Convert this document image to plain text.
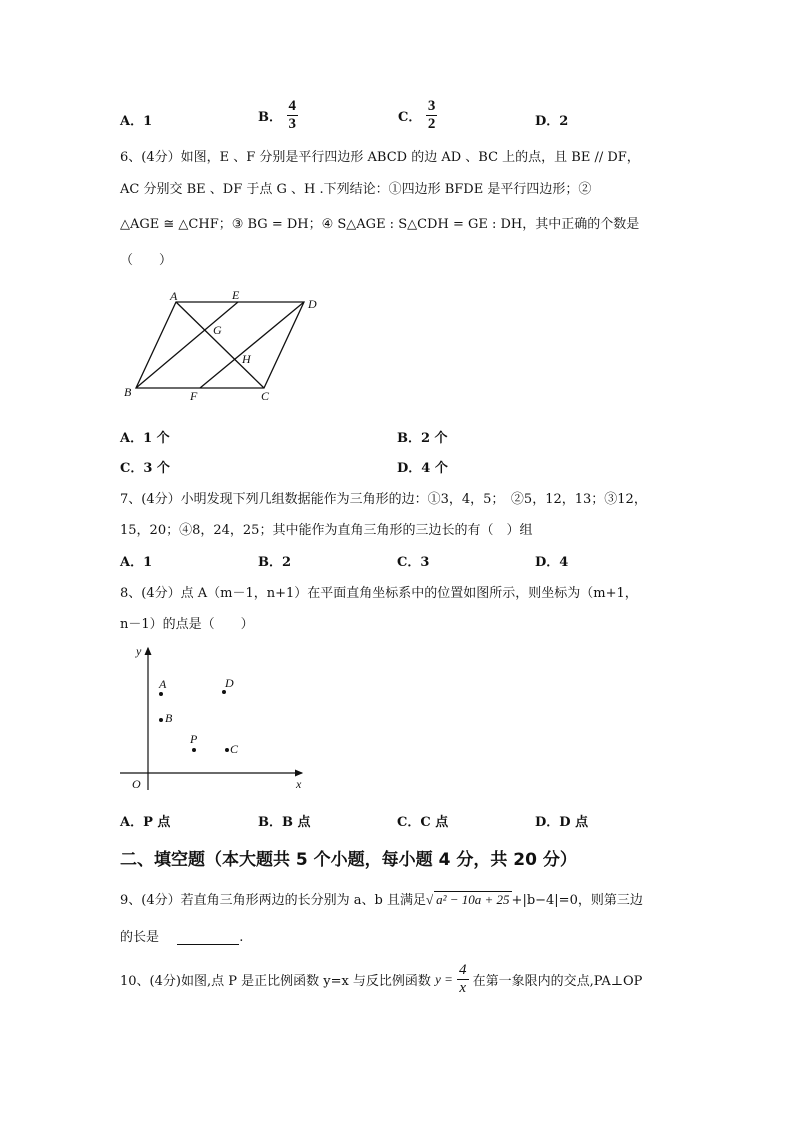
A．1	B． $\frac{4}{3}$	C． $\frac{3}{2}$	D．2
6、(4分）如图，E 、F 分别是平行四边形 ABCD 的边 AD 、BC 上的点，且 BE // DF，
AC 分别交 BE 、DF 于点 G 、H .下列结论：①四边形 BFDE 是平行四边形；②
△AGE ≅ △CHF；③ BG = DH；④ S△AGE : S△CDH = GE : DH，其中正确的个数是
（　　）
A	E
D
G
H
B	F	C
A．1 个	B．2 个
C．3 个	D．4 个
7、(4分）小明发现下列几组数据能作为三角形的边：①3，4，5；　②5，12，13；③12，
15，20；④8，24，25；其中能作为直角三角形的三边长的有（　）组
A．1	B．2	C．3	D．4
8、(4分）点 A（m－1，n+1）在平面直角坐标系中的位置如图所示，则坐标为（m+1，
n－1）的点是（　　）
y
A	D
B
P
C
O	x
A．P 点	B．B 点	C．C 点	D．D 点
二、填空题（本大题共 5 个小题，每小题 4 分，共 20 分）
9、(4分）若直角三角形两边的长分别为 a、b 且满足√ a² − 10a + 25 +|b−4|=0，则第三边
的长是	.
10、(4分)如图,点 P 是正比例函数 y=x 与反比例函数 $y = \frac{4}{x}$ 在第一象限内的交点,PA⊥OP
